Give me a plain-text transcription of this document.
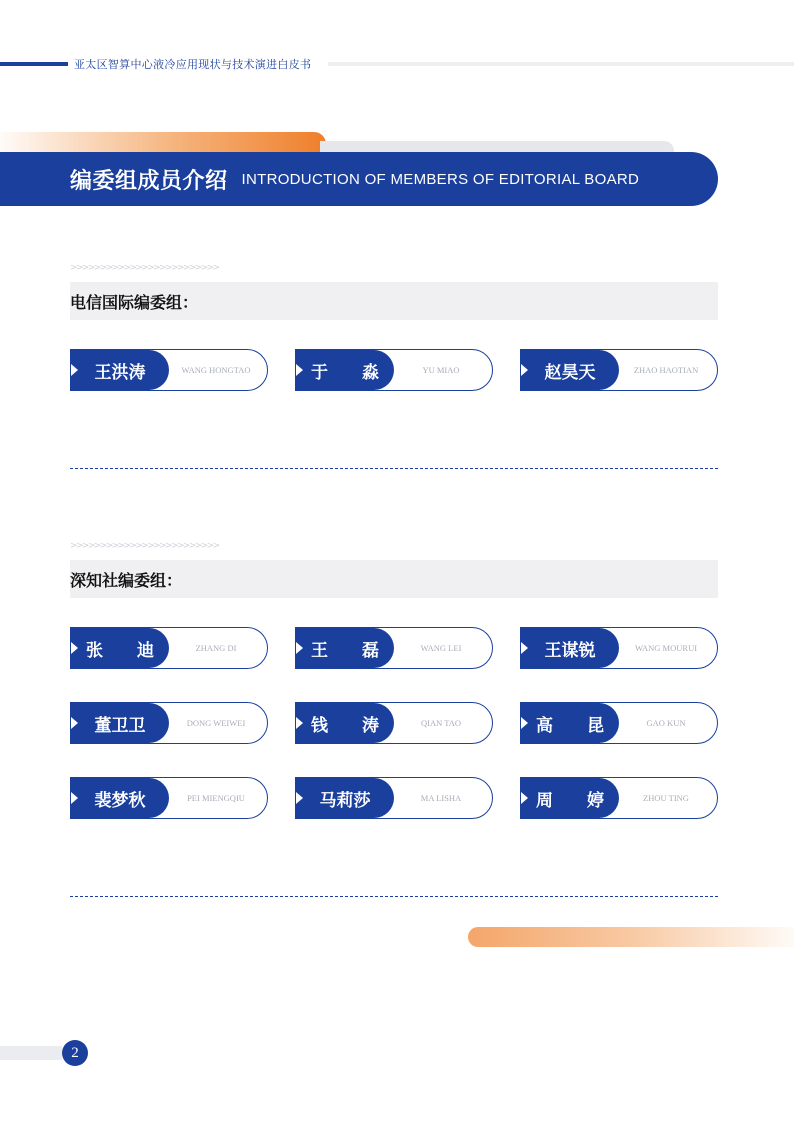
亚太区智算中心液冷应用现状与技术演进白皮书
编委组成员介绍 INTRODUCTION OF MEMBERS OF EDITORIAL BOARD
>>>>>>>>>>>>>>>>>>>>>>>>>
电信国际编委组：
王洪涛	WANG HONGTAO	于 淼	YU MIAO	赵昊天	ZHAO HAOTIAN
>>>>>>>>>>>>>>>>>>>>>>>>>
深知社编委组：
张 迪	ZHANG DI	王 磊	WANG LEI	王谋锐	WANG MOURUI
董卫卫	DONG WEIWEI	钱 涛	QIAN TAO	高 昆	GAO KUN
裴梦秋	PEI MIENGQIU	马莉莎	MA LISHA	周 婷	ZHOU TING
2
